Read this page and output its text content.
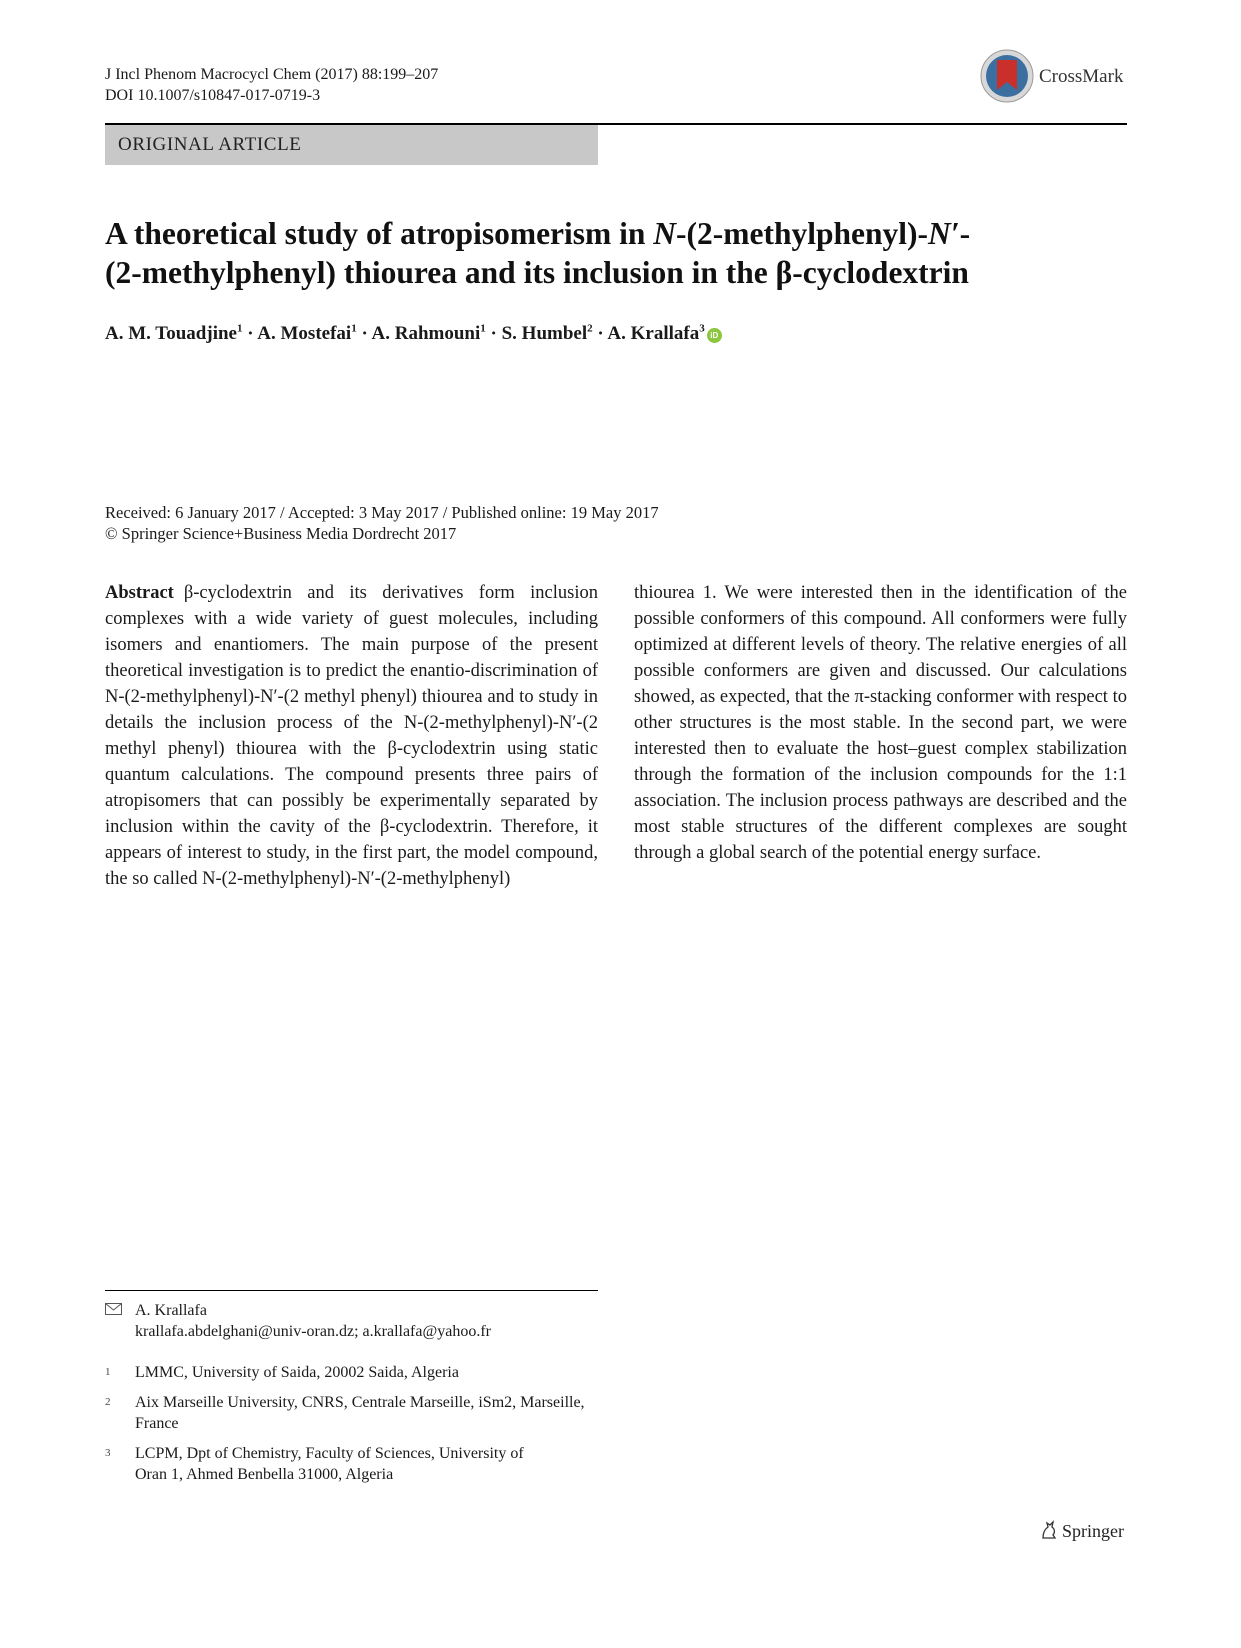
J Incl Phenom Macrocycl Chem (2017) 88:199–207
DOI 10.1007/s10847-017-0719-3
CrossMark
ORIGINAL ARTICLE
A theoretical study of atropisomerism in N-(2-methylphenyl)-N′-
(2-methylphenyl) thiourea and its inclusion in the β-cyclodextrin
A. M. Touadjine$^1$ · A. Mostefai$^1$ · A. Rahmouni$^1$ · S. Humbel$^2$ · A. Krallafa$^3$iD
Received: 6 January 2017 / Accepted: 3 May 2017 / Published online: 19 May 2017
© Springer Science+Business Media Dordrecht 2017
Abstract β-cyclodextrin and its derivatives form inclusion complexes with a wide variety of guest molecules, including isomers and enantiomers. The main purpose of the present theoretical investigation is to predict the enantio-discrimination of N-(2-methylphenyl)-N′-(2 methyl phenyl) thiourea and to study in details the inclusion process of the N-(2-methylphenyl)-N′-(2 methyl phenyl) thiourea with the β-cyclodextrin using static quantum calculations. The compound presents three pairs of atropisomers that can possibly be experimentally separated by inclusion within the cavity of the β-cyclodextrin. Therefore, it appears of interest to study, in the first part, the model compound, the so called N-(2-methylphenyl)-N′-(2-methylphenyl)
thiourea 1. We were interested then in the identification of the possible conformers of this compound. All conformers were fully optimized at different levels of theory. The relative energies of all possible conformers are given and discussed. Our calculations showed, as expected, that the π-stacking conformer with respect to other structures is the most stable. In the second part, we were interested then to evaluate the host–guest complex stabilization through the formation of the inclusion compounds for the 1:1 association. The inclusion process pathways are described and the most stable structures of the different complexes are sought through a global search of the potential energy surface.
A. Krallafa
krallafa.abdelghani@univ-oran.dz; a.krallafa@yahoo.fr
1 LMMC, University of Saida, 20002 Saida, Algeria
2 Aix Marseille University, CNRS, Centrale Marseille, iSm2, Marseille, France
3 LCPM, Dpt of Chemistry, Faculty of Sciences, University of Oran 1, Ahmed Benbella 31000, Algeria
Springer
